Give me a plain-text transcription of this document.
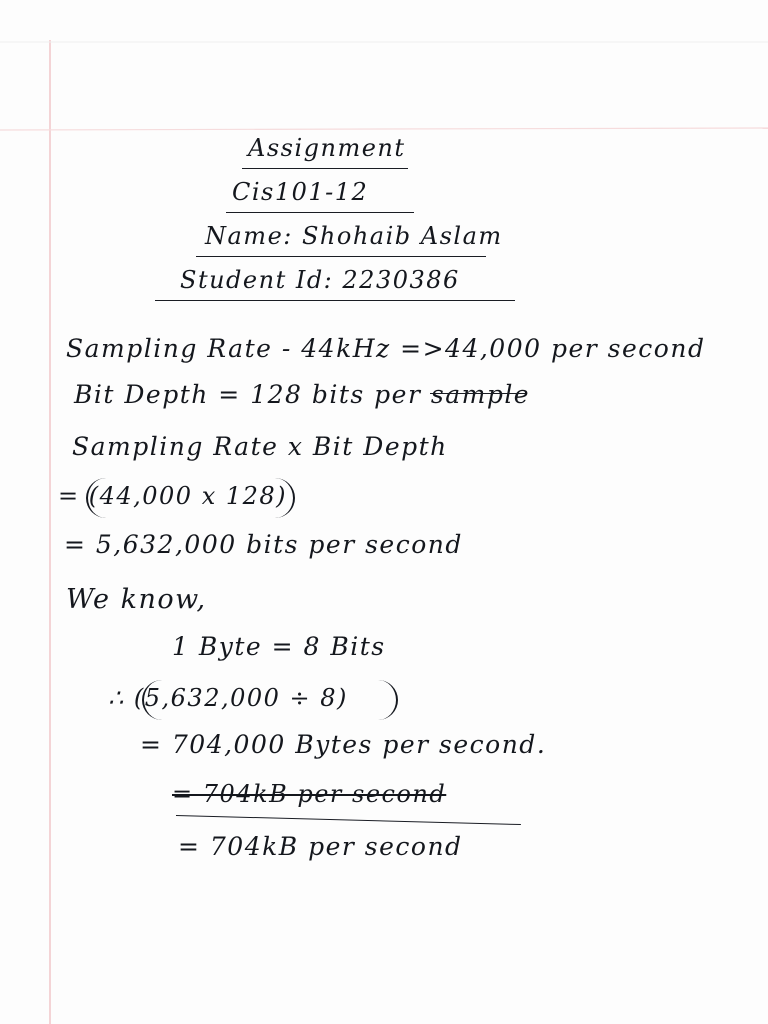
Assignment
Cis101-12
Name: Shohaib Aslam
Student Id: 2230386
Sampling Rate - 44kHz =>44,000 per second
Bit Depth = 128 bits per sample
Sampling Rate x Bit Depth
= (44,000 x 128)
= 5,632,000 bits per second
We know,
1 Byte = 8 Bits
∴ (5,632,000 ÷ 8)
= 704,000 Bytes per second.
= 704kB per second
= 704kB per second
